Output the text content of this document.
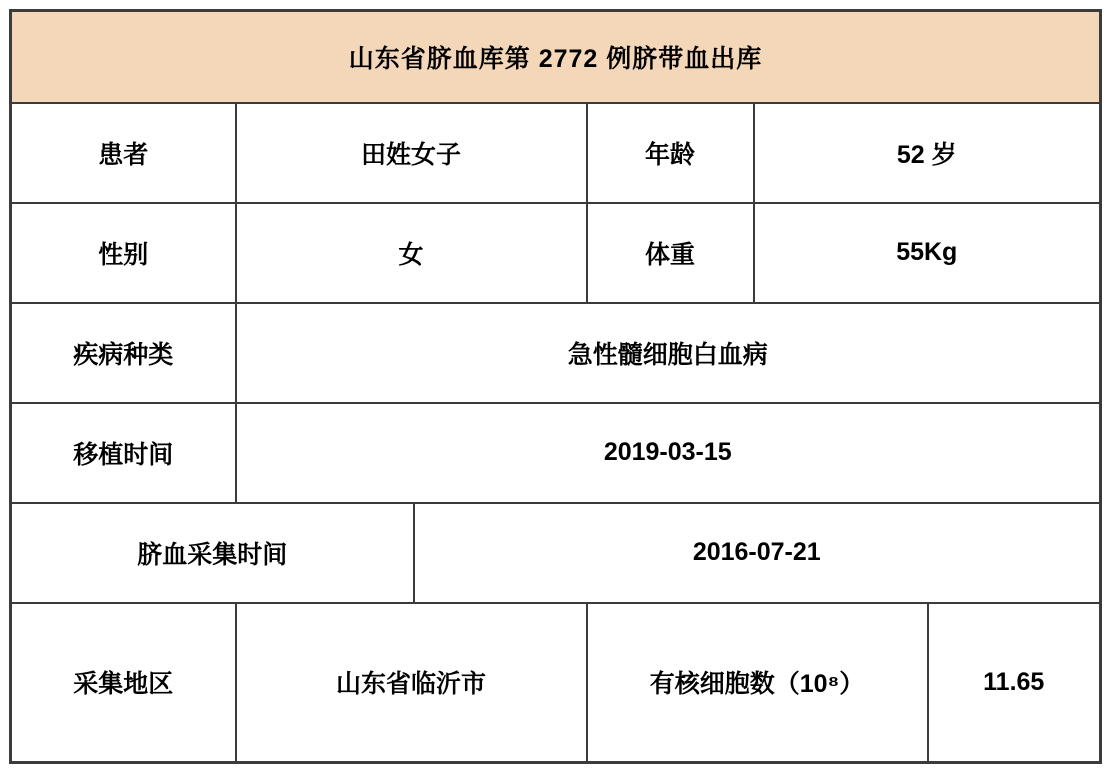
山东省脐血库第 2772 例脐带血出库					
患者	田姓女子		年龄	52 岁	
性别	女		体重	55Kg	
疾病种类	急性髓细胞白血病				
移植时间	2019-03-15				
脐血采集时间		2016-07-21			
采集地区	山东省临沂市		有核细胞数（10⁸）		11.65
